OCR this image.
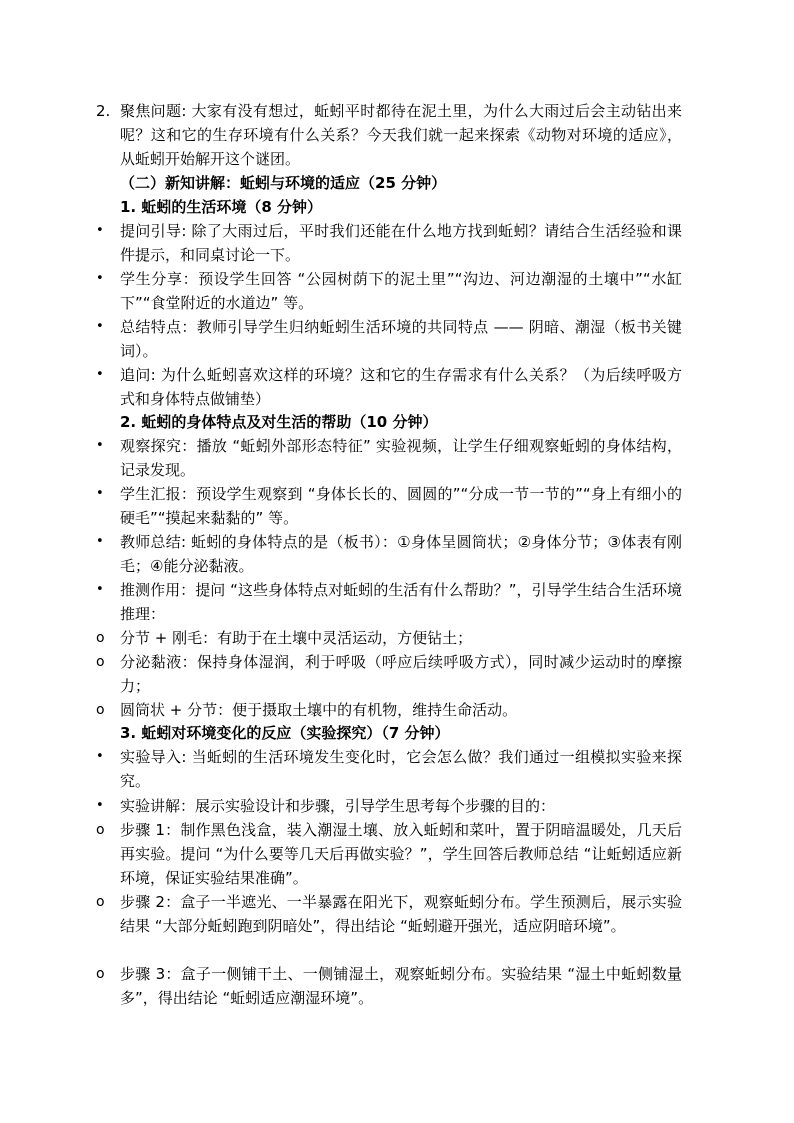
2. 聚焦问题: 大家有没有想过，蚯蚓平时都待在泥土里，为什么大雨过后会主动钻出来呢？这和它的生存环境有什么关系？今天我们就一起来探索《动物对环境的适应》，从蚯蚓开始解开这个谜团。
（二）新知讲解：蚯蚓与环境的适应（25 分钟）
1. 蚯蚓的生活环境（8 分钟）
•	提问引导: 除了大雨过后，平时我们还能在什么地方找到蚯蚓？请结合生活经验和课件提示，和同桌讨论一下。
•	学生分享：预设学生回答 “公园树荫下的泥土里”“沟边、河边潮湿的土壤中”“水缸下”“食堂附近的水道边” 等。
•	总结特点：教师引导学生归纳蚯蚓生活环境的共同特点 —— 阴暗、潮湿（板书关键词）。
•	追问: 为什么蚯蚓喜欢这样的环境？这和它的生存需求有什么关系？（为后续呼吸方式和身体特点做铺垫）
2. 蚯蚓的身体特点及对生活的帮助（10 分钟）
•	观察探究：播放 “蚯蚓外部形态特征” 实验视频，让学生仔细观察蚯蚓的身体结构，记录发现。
•	学生汇报：预设学生观察到 “身体长长的、圆圆的”“分成一节一节的”“身上有细小的硬毛”“摸起来黏黏的” 等。
•	教师总结: 蚯蚓的身体特点的是（板书）：①身体呈圆筒状；②身体分节；③体表有刚毛；④能分泌黏液。
•	推测作用：提问 “这些身体特点对蚯蚓的生活有什么帮助？”，引导学生结合生活环境推理：
o	分节 + 刚毛：有助于在土壤中灵活运动，方便钻土；
o	分泌黏液：保持身体湿润，利于呼吸（呼应后续呼吸方式），同时减少运动时的摩擦力；
o	圆筒状 + 分节：便于摄取土壤中的有机物，维持生命活动。
3. 蚯蚓对环境变化的反应（实验探究）（7 分钟）
•	实验导入: 当蚯蚓的生活环境发生变化时，它会怎么做？我们通过一组模拟实验来探究。
•	实验讲解：展示实验设计和步骤，引导学生思考每个步骤的目的：
o	步骤 1：制作黑色浅盒，装入潮湿土壤、放入蚯蚓和菜叶，置于阴暗温暖处，几天后再实验。提问 “为什么要等几天后再做实验？”，学生回答后教师总结 “让蚯蚓适应新环境，保证实验结果准确”。
o	步骤 2：盒子一半遮光、一半暴露在阳光下，观察蚯蚓分布。学生预测后，展示实验结果 “大部分蚯蚓跑到阴暗处”，得出结论 “蚯蚓避开强光，适应阴暗环境”。
o	步骤 3：盒子一侧铺干土、一侧铺湿土，观察蚯蚓分布。实验结果 “湿土中蚯蚓数量多”，得出结论 “蚯蚓适应潮湿环境”。
